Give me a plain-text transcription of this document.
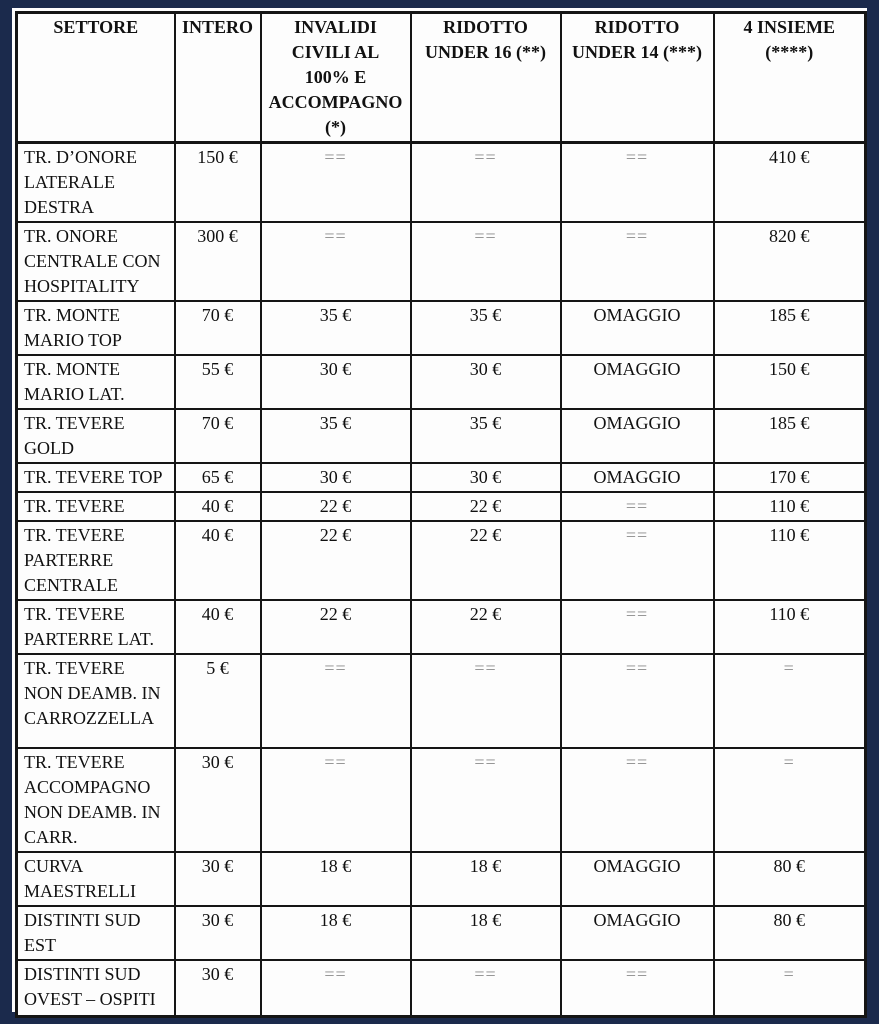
SETTORE	INTERO	INVALIDI CIVILI AL 100% E ACCOMPAGNO (*)	RIDOTTO UNDER 16 (**)	RIDOTTO UNDER 14 (***)	4 INSIEME (****)
TR. D’ONORE LATERALE DESTRA	150 €	==	==	==	410 €
TR. ONORE CENTRALE CON HOSPITALITY	300 €	==	==	==	820 €
TR. MONTE MARIO TOP	70 €	35 €	35 €	OMAGGIO	185 €
TR. MONTE MARIO LAT.	55 €	30 €	30 €	OMAGGIO	150 €
TR. TEVERE GOLD	70 €	35 €	35 €	OMAGGIO	185 €
TR. TEVERE TOP	65 €	30 €	30 €	OMAGGIO	170 €
TR. TEVERE	40 €	22 €	22 €	==	110 €
TR. TEVERE PARTERRE CENTRALE	40 €	22 €	22 €	==	110 €
TR. TEVERE PARTERRE LAT.	40 €	22 €	22 €	==	110 €
TR. TEVERE NON DEAMB. IN CARROZZELLA	5 €	==	==	==	=
TR. TEVERE ACCOMPAGNO NON DEAMB. IN CARR.	30 €	==	==	==	=
CURVA MAESTRELLI	30 €	18 €	18 €	OMAGGIO	80 €
DISTINTI SUD EST	30 €	18 €	18 €	OMAGGIO	80 €
DISTINTI SUD OVEST – OSPITI	30 €	==	==	==	=
